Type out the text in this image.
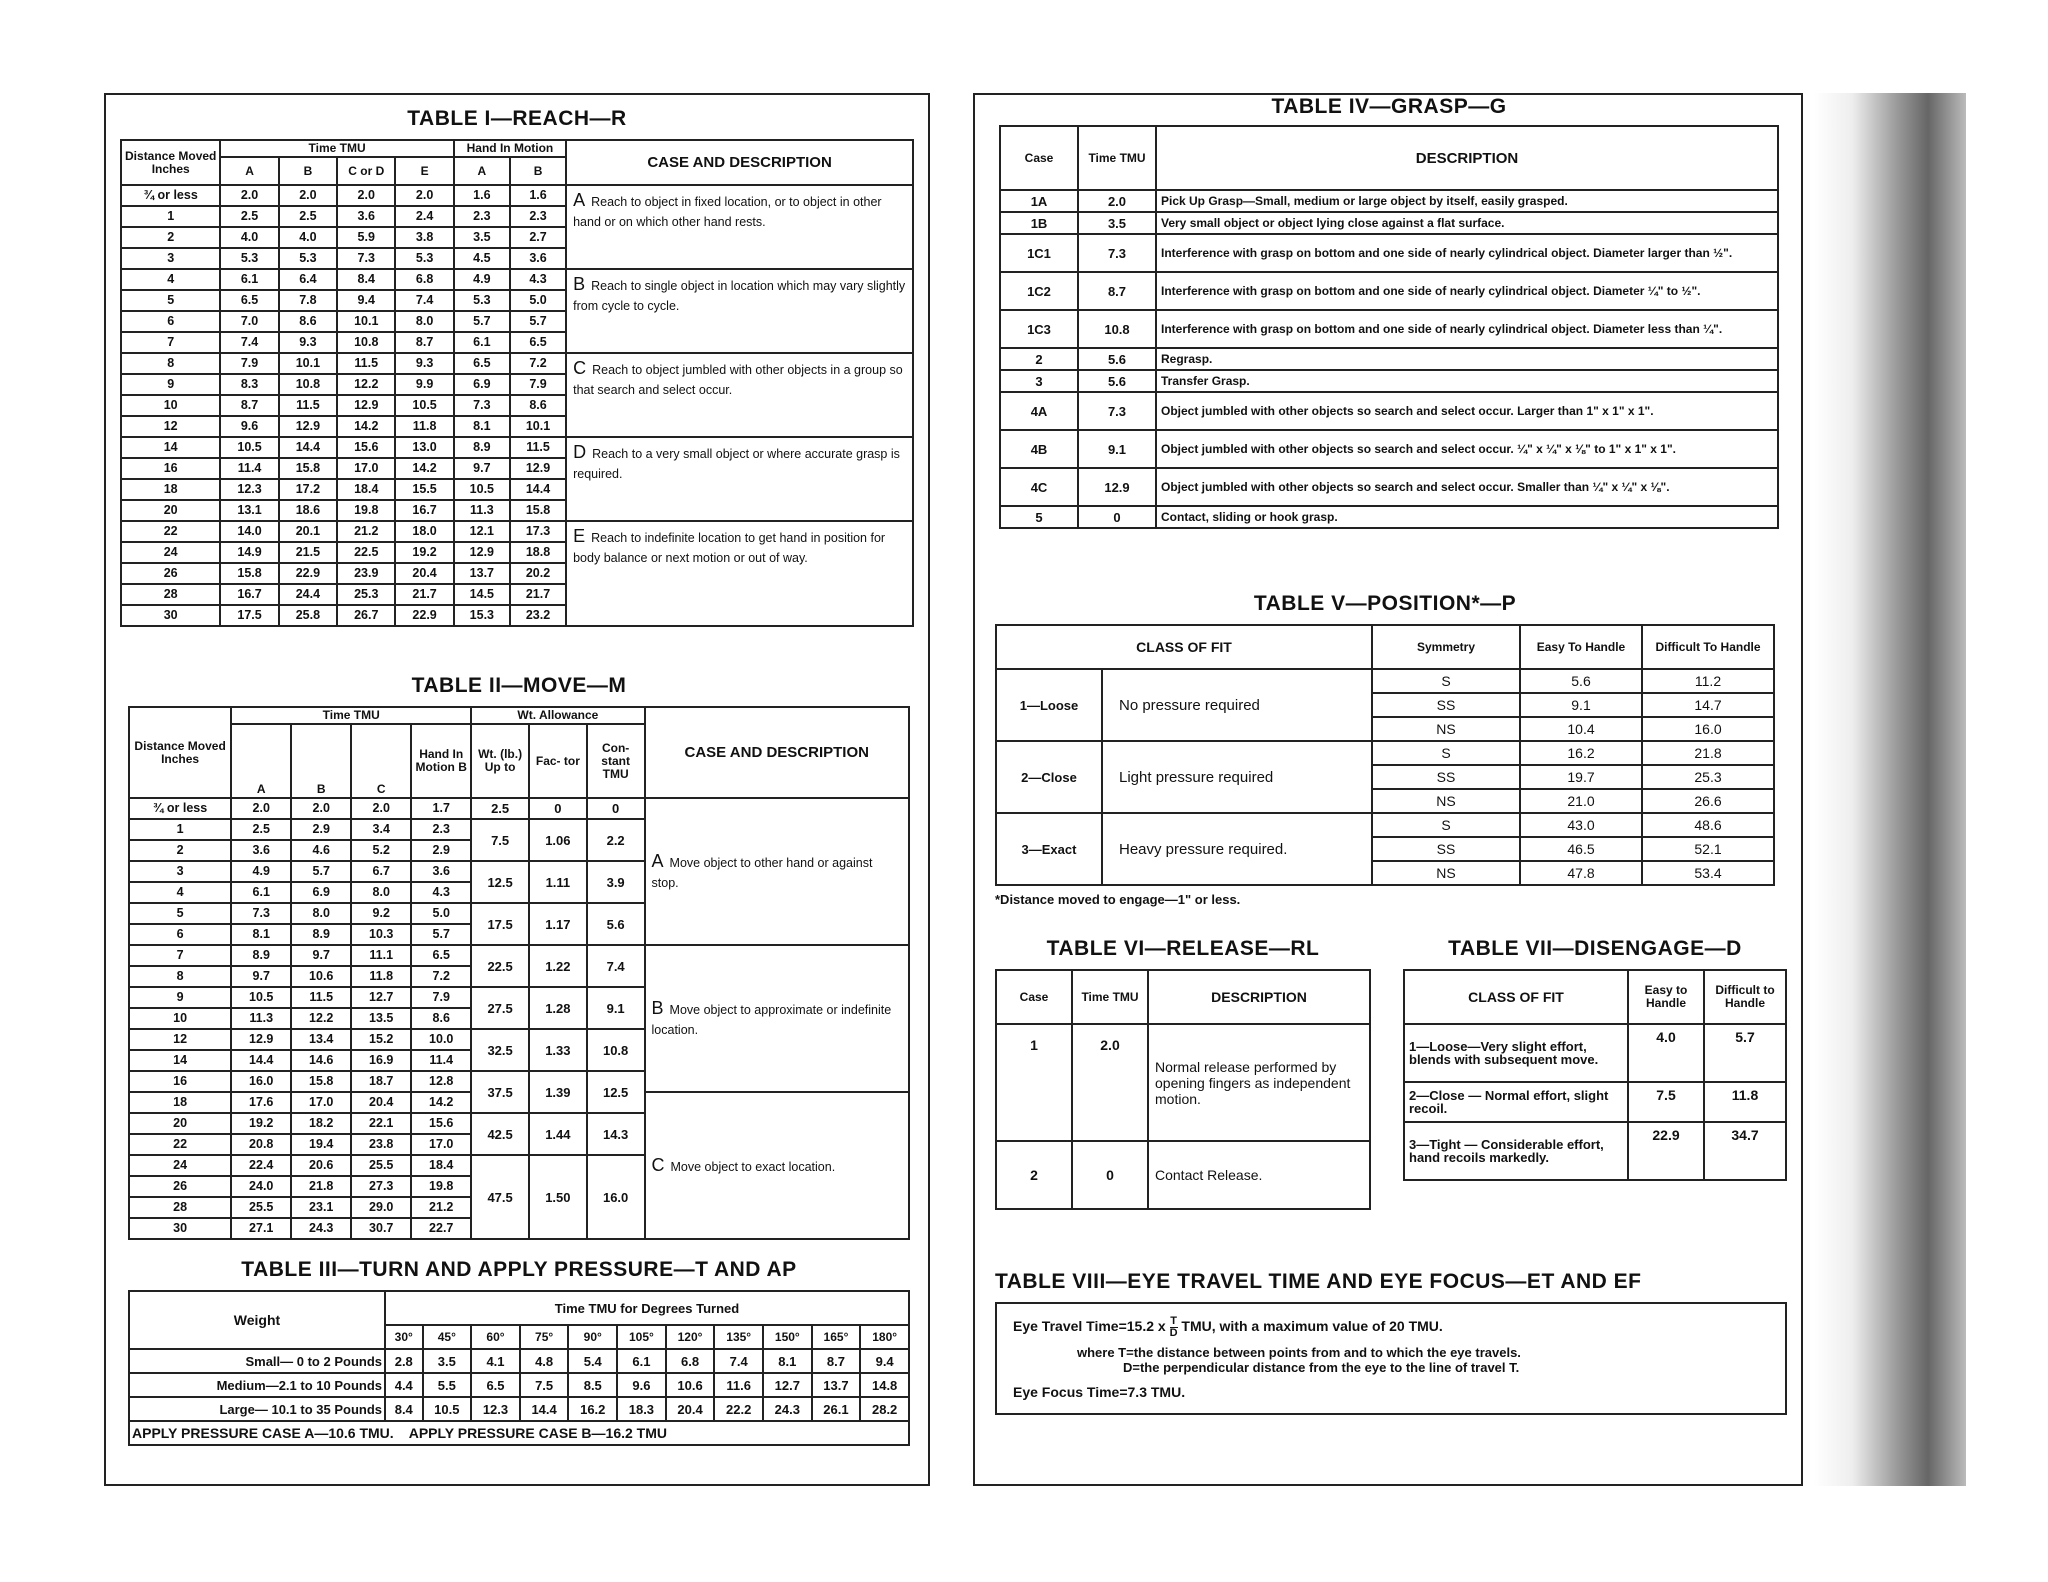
TABLE I—REACH—R
Distance Moved Inches	Time TMU				Hand In Motion		CASE AND DESCRIPTION
	A	B	C or D	E	A	B	
¾ or less	2.0	2.0	2.0	2.0	1.6	1.6	A Reach to object in fixed location, or to object in other hand or on which other hand rests.
1	2.5	2.5	3.6	2.4	2.3	2.3	
2	4.0	4.0	5.9	3.8	3.5	2.7	
3	5.3	5.3	7.3	5.3	4.5	3.6	
4	6.1	6.4	8.4	6.8	4.9	4.3	B Reach to single object in location which may vary slightly from cycle to cycle.
5	6.5	7.8	9.4	7.4	5.3	5.0	
6	7.0	8.6	10.1	8.0	5.7	5.7	
7	7.4	9.3	10.8	8.7	6.1	6.5	
8	7.9	10.1	11.5	9.3	6.5	7.2	C Reach to object jumbled with other objects in a group so that search and select occur.
9	8.3	10.8	12.2	9.9	6.9	7.9	
10	8.7	11.5	12.9	10.5	7.3	8.6	
12	9.6	12.9	14.2	11.8	8.1	10.1	
14	10.5	14.4	15.6	13.0	8.9	11.5	D Reach to a very small object or where accurate grasp is required.
16	11.4	15.8	17.0	14.2	9.7	12.9	
18	12.3	17.2	18.4	15.5	10.5	14.4	
20	13.1	18.6	19.8	16.7	11.3	15.8	
22	14.0	20.1	21.2	18.0	12.1	17.3	E Reach to indefinite location to get hand in position for body balance or next motion or out of way.
24	14.9	21.5	22.5	19.2	12.9	18.8	
26	15.8	22.9	23.9	20.4	13.7	20.2	
28	16.7	24.4	25.3	21.7	14.5	21.7	
30	17.5	25.8	26.7	22.9	15.3	23.2	
TABLE II—MOVE—M
Distance Moved Inches	Time TMU				Wt. Allowance			CASE AND DESCRIPTION
	A	B	C	Hand In Motion B	Wt. (lb.) Up to	Fac- tor	Con- stant TMU	
¾ or less	2.0	2.0	2.0	1.7	2.5	0	0	A Move object to other hand or against stop.
1	2.5	2.9	3.4	2.3	7.5	1.06	2.2	
2	3.6	4.6	5.2	2.9				
3	4.9	5.7	6.7	3.6	12.5	1.11	3.9	
4	6.1	6.9	8.0	4.3				
5	7.3	8.0	9.2	5.0	17.5	1.17	5.6	
6	8.1	8.9	10.3	5.7				
7	8.9	9.7	11.1	6.5	22.5	1.22	7.4	B Move object to approximate or indefinite location.
8	9.7	10.6	11.8	7.2				
9	10.5	11.5	12.7	7.9	27.5	1.28	9.1	
10	11.3	12.2	13.5	8.6				
12	12.9	13.4	15.2	10.0	32.5	1.33	10.8	
14	14.4	14.6	16.9	11.4				
16	16.0	15.8	18.7	12.8	37.5	1.39	12.5	
18	17.6	17.0	20.4	14.2				C Move object to exact location.
20	19.2	18.2	22.1	15.6	42.5	1.44	14.3	
22	20.8	19.4	23.8	17.0				
24	22.4	20.6	25.5	18.4	47.5	1.50	16.0	
26	24.0	21.8	27.3	19.8				
28	25.5	23.1	29.0	21.2				
30	27.1	24.3	30.7	22.7				
TABLE III—TURN AND APPLY PRESSURE—T AND AP
Weight	Time TMU for Degrees Turned										
	30°	45°	60°	75°	90°	105°	120°	135°	150°	165°	180°
Small— 0 to 2 Pounds	2.8	3.5	4.1	4.8	5.4	6.1	6.8	7.4	8.1	8.7	9.4
Medium—2.1 to 10 Pounds	4.4	5.5	6.5	7.5	8.5	9.6	10.6	11.6	12.7	13.7	14.8
Large— 10.1 to 35 Pounds	8.4	10.5	12.3	14.4	16.2	18.3	20.4	22.2	24.3	26.1	28.2
APPLY PRESSURE CASE A—10.6 TMU.    APPLY PRESSURE CASE B—16.2 TMU											
TABLE IV—GRASP—G
Case	Time TMU	DESCRIPTION
1A	2.0	Pick Up Grasp—Small, medium or large object by itself, easily grasped.
1B	3.5	Very small object or object lying close against a flat surface.
1C1	7.3	Interference with grasp on bottom and one side of nearly cylindrical object. Diameter larger than ½".
1C2	8.7	Interference with grasp on bottom and one side of nearly cylindrical object. Diameter ¼" to ½".
1C3	10.8	Interference with grasp on bottom and one side of nearly cylindrical object. Diameter less than ¼".
2	5.6	Regrasp.
3	5.6	Transfer Grasp.
4A	7.3	Object jumbled with other objects so search and select occur. Larger than 1" x 1" x 1".
4B	9.1	Object jumbled with other objects so search and select occur. ¼" x ¼" x ⅛" to 1" x 1" x 1".
4C	12.9	Object jumbled with other objects so search and select occur. Smaller than ¼" x ¼" x ⅛".
5	0	Contact, sliding or hook grasp.
TABLE V—POSITION*—P
CLASS OF FIT		Symmetry	Easy To Handle	Difficult To Handle
1—Loose	No pressure required	S	5.6	11.2
		SS	9.1	14.7
		NS	10.4	16.0
2—Close	Light pressure required	S	16.2	21.8
		SS	19.7	25.3
		NS	21.0	26.6
3—Exact	Heavy pressure required.	S	43.0	48.6
		SS	46.5	52.1
		NS	47.8	53.4
*Distance moved to engage—1" or less.
TABLE VI—RELEASE—RL
Case	Time TMU	DESCRIPTION
1	2.0	Normal release performed by opening fingers as independent motion.
2	0	Contact Release.
TABLE VII—DISENGAGE—D
CLASS OF FIT	Easy to Handle	Difficult to Handle
1—Loose—Very slight effort, blends with subsequent move.	4.0	5.7
2—Close — Normal effort, slight recoil.	7.5	11.8
3—Tight — Considerable effort, hand recoils markedly.	22.9	34.7
TABLE VIII—EYE TRAVEL TIME AND EYE FOCUS—ET AND EF
Eye Travel Time=15.2 x $\frac{T}{D}$ TMU, with a maximum value of 20 TMU.
where T=the distance between points from and to which the eye travels.
D=the perpendicular distance from the eye to the line of travel T.
Eye Focus Time=7.3 TMU.
